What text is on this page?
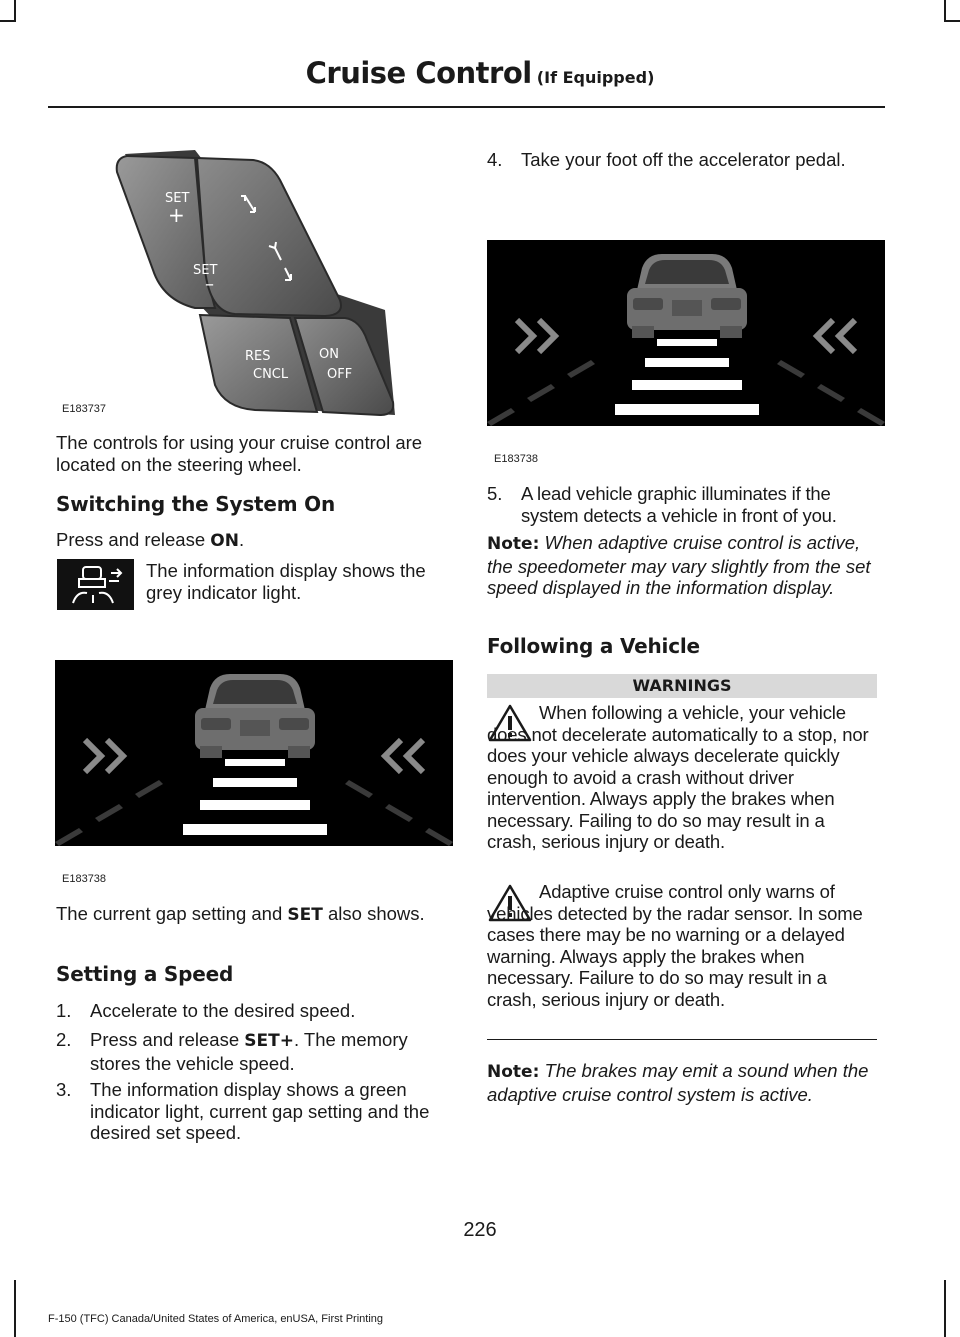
Cruise Control (If Equipped)
SET
+
SET
–
RES
CNCL
ON
OFF
E183737

The controls for using your cruise control are located on the steering wheel.

Switching the System On

Press and release ON.

The information display shows the grey indicator light.

E183738

The current gap setting and SET also shows.

Setting a Speed
1.	Accelerate to the desired speed.
2.	Press and release SET+. The memory stores the vehicle speed.
3.	The information display shows a green indicator light, current gap setting and the desired set speed.
4.	Take your foot off the accelerator pedal.
E183738
5.	A lead vehicle graphic illuminates if the system detects a vehicle in front of you.

Note: When adaptive cruise control is active, the speedometer may vary slightly from the set speed displayed in the information display.

Following a Vehicle
WARNINGS

When following a vehicle, your vehicle does not decelerate automatically to a stop, nor does your vehicle always decelerate quickly enough to avoid a crash without driver intervention. Always apply the brakes when necessary. Failing to do so may result in a crash, serious injury or death.

Adaptive cruise control only warns of vehicles detected by the radar sensor. In some cases there may be no warning or a delayed warning. Always apply the brakes when necessary. Failure to do so may result in a crash, serious injury or death.

Note: The brakes may emit a sound when the adaptive cruise control system is active.

226
F-150 (TFC) Canada/United States of America, enUSA, First Printing
